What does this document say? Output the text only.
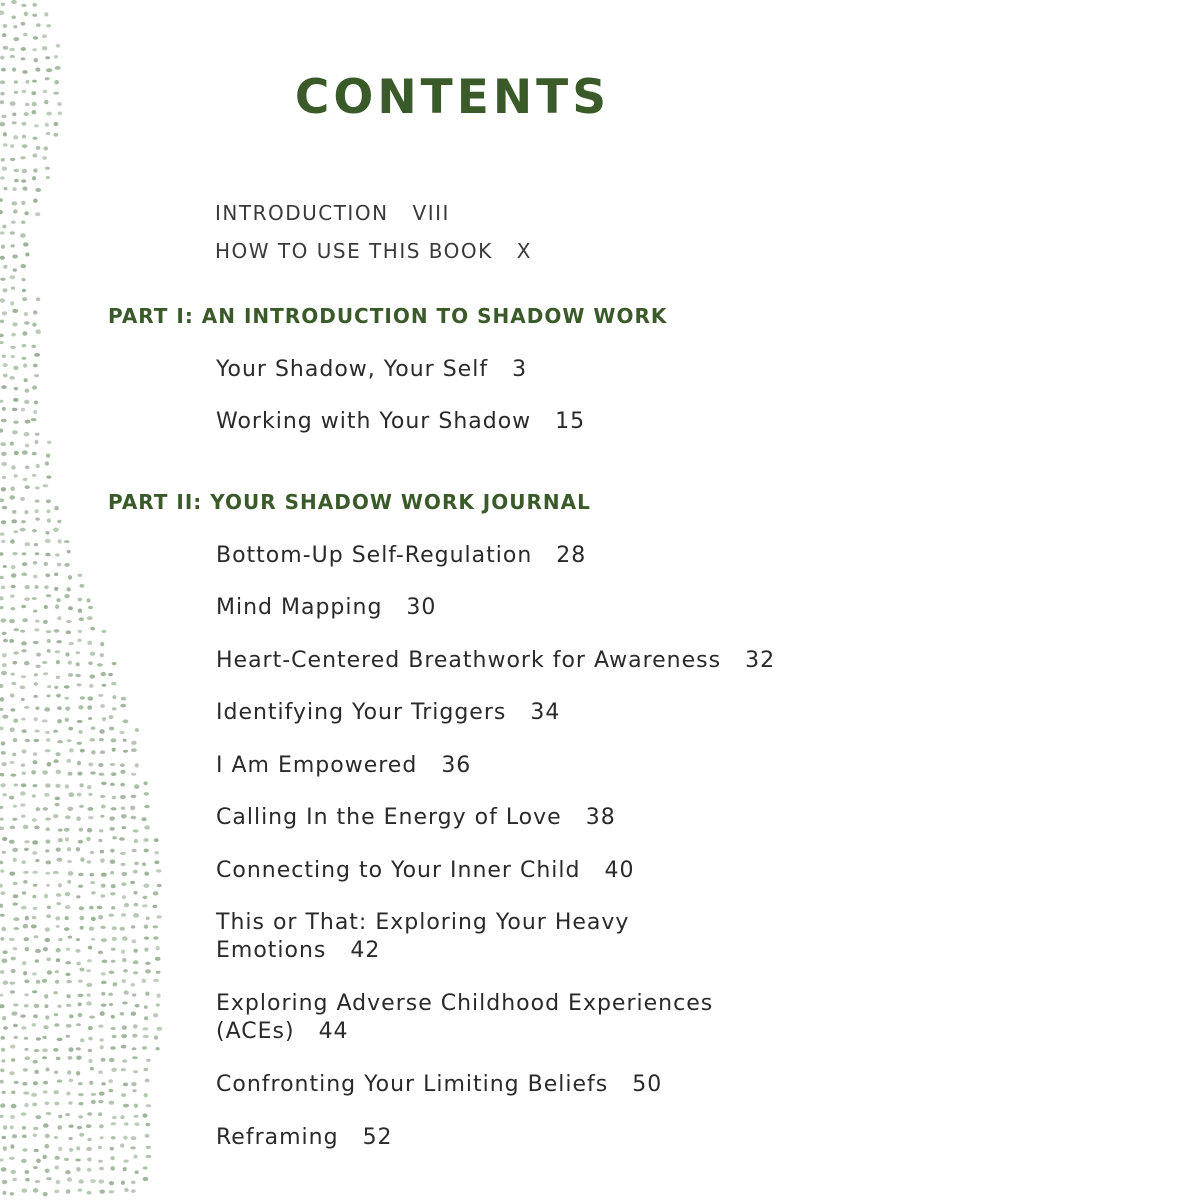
CONTENTS
INTRODUCTION VIII
HOW TO USE THIS BOOK X
PART I: AN INTRODUCTION TO SHADOW WORK
Your Shadow, Your Self 3
Working with Your Shadow 15
PART II: YOUR SHADOW WORK JOURNAL
Bottom-Up Self-Regulation 28
Mind Mapping 30
Heart-Centered Breathwork for Awareness 32
Identifying Your Triggers 34
I Am Empowered 36
Calling In the Energy of Love 38
Connecting to Your Inner Child 40
This or That: Exploring Your Heavy Emotions 42
Exploring Adverse Childhood Experiences (ACEs) 44
Confronting Your Limiting Beliefs 50
Reframing 52
